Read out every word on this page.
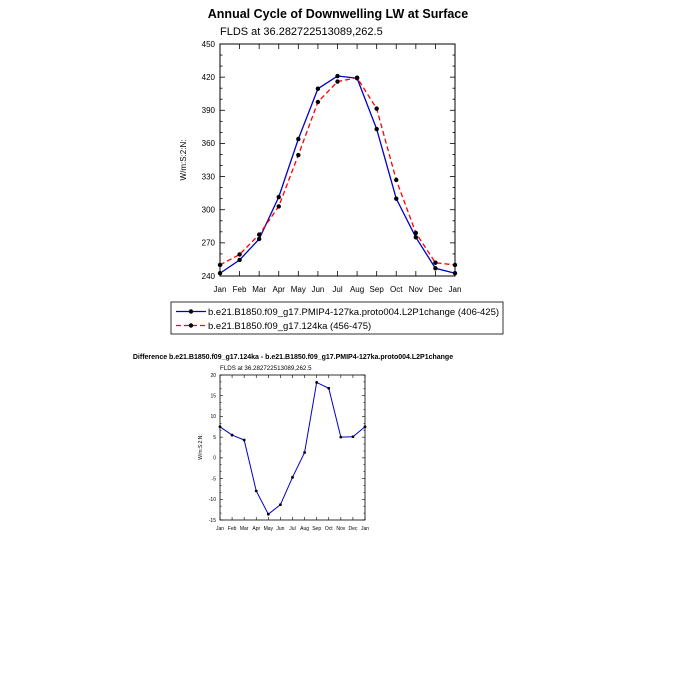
Annual Cycle of Downwelling LW at Surface
FLDS at 36.282722513089,262.5
W/m:S:2:N:
240
270
300
330
360
390
420
450
Jan Feb Mar Apr May Jun Jul Aug Sep Oct Nov Dec Jan
b.e21.B1850.f09_g17.PMIP4-127ka.proto004.L2P1change (406-425)
b.e21.B1850.f09_g17.124ka (456-475)
Difference b.e21.B1850.f09_g17.124ka - b.e21.B1850.f09_g17.PMIP4-127ka.proto004.L2P1change
FLDS at 36.282722513089,262.5
W/m:S:2:N:
-15
-10
-5
0
5
10
15
20
Jan Feb Mar Apr May Jun Jul Aug Sep Oct Nov Dec Jan
